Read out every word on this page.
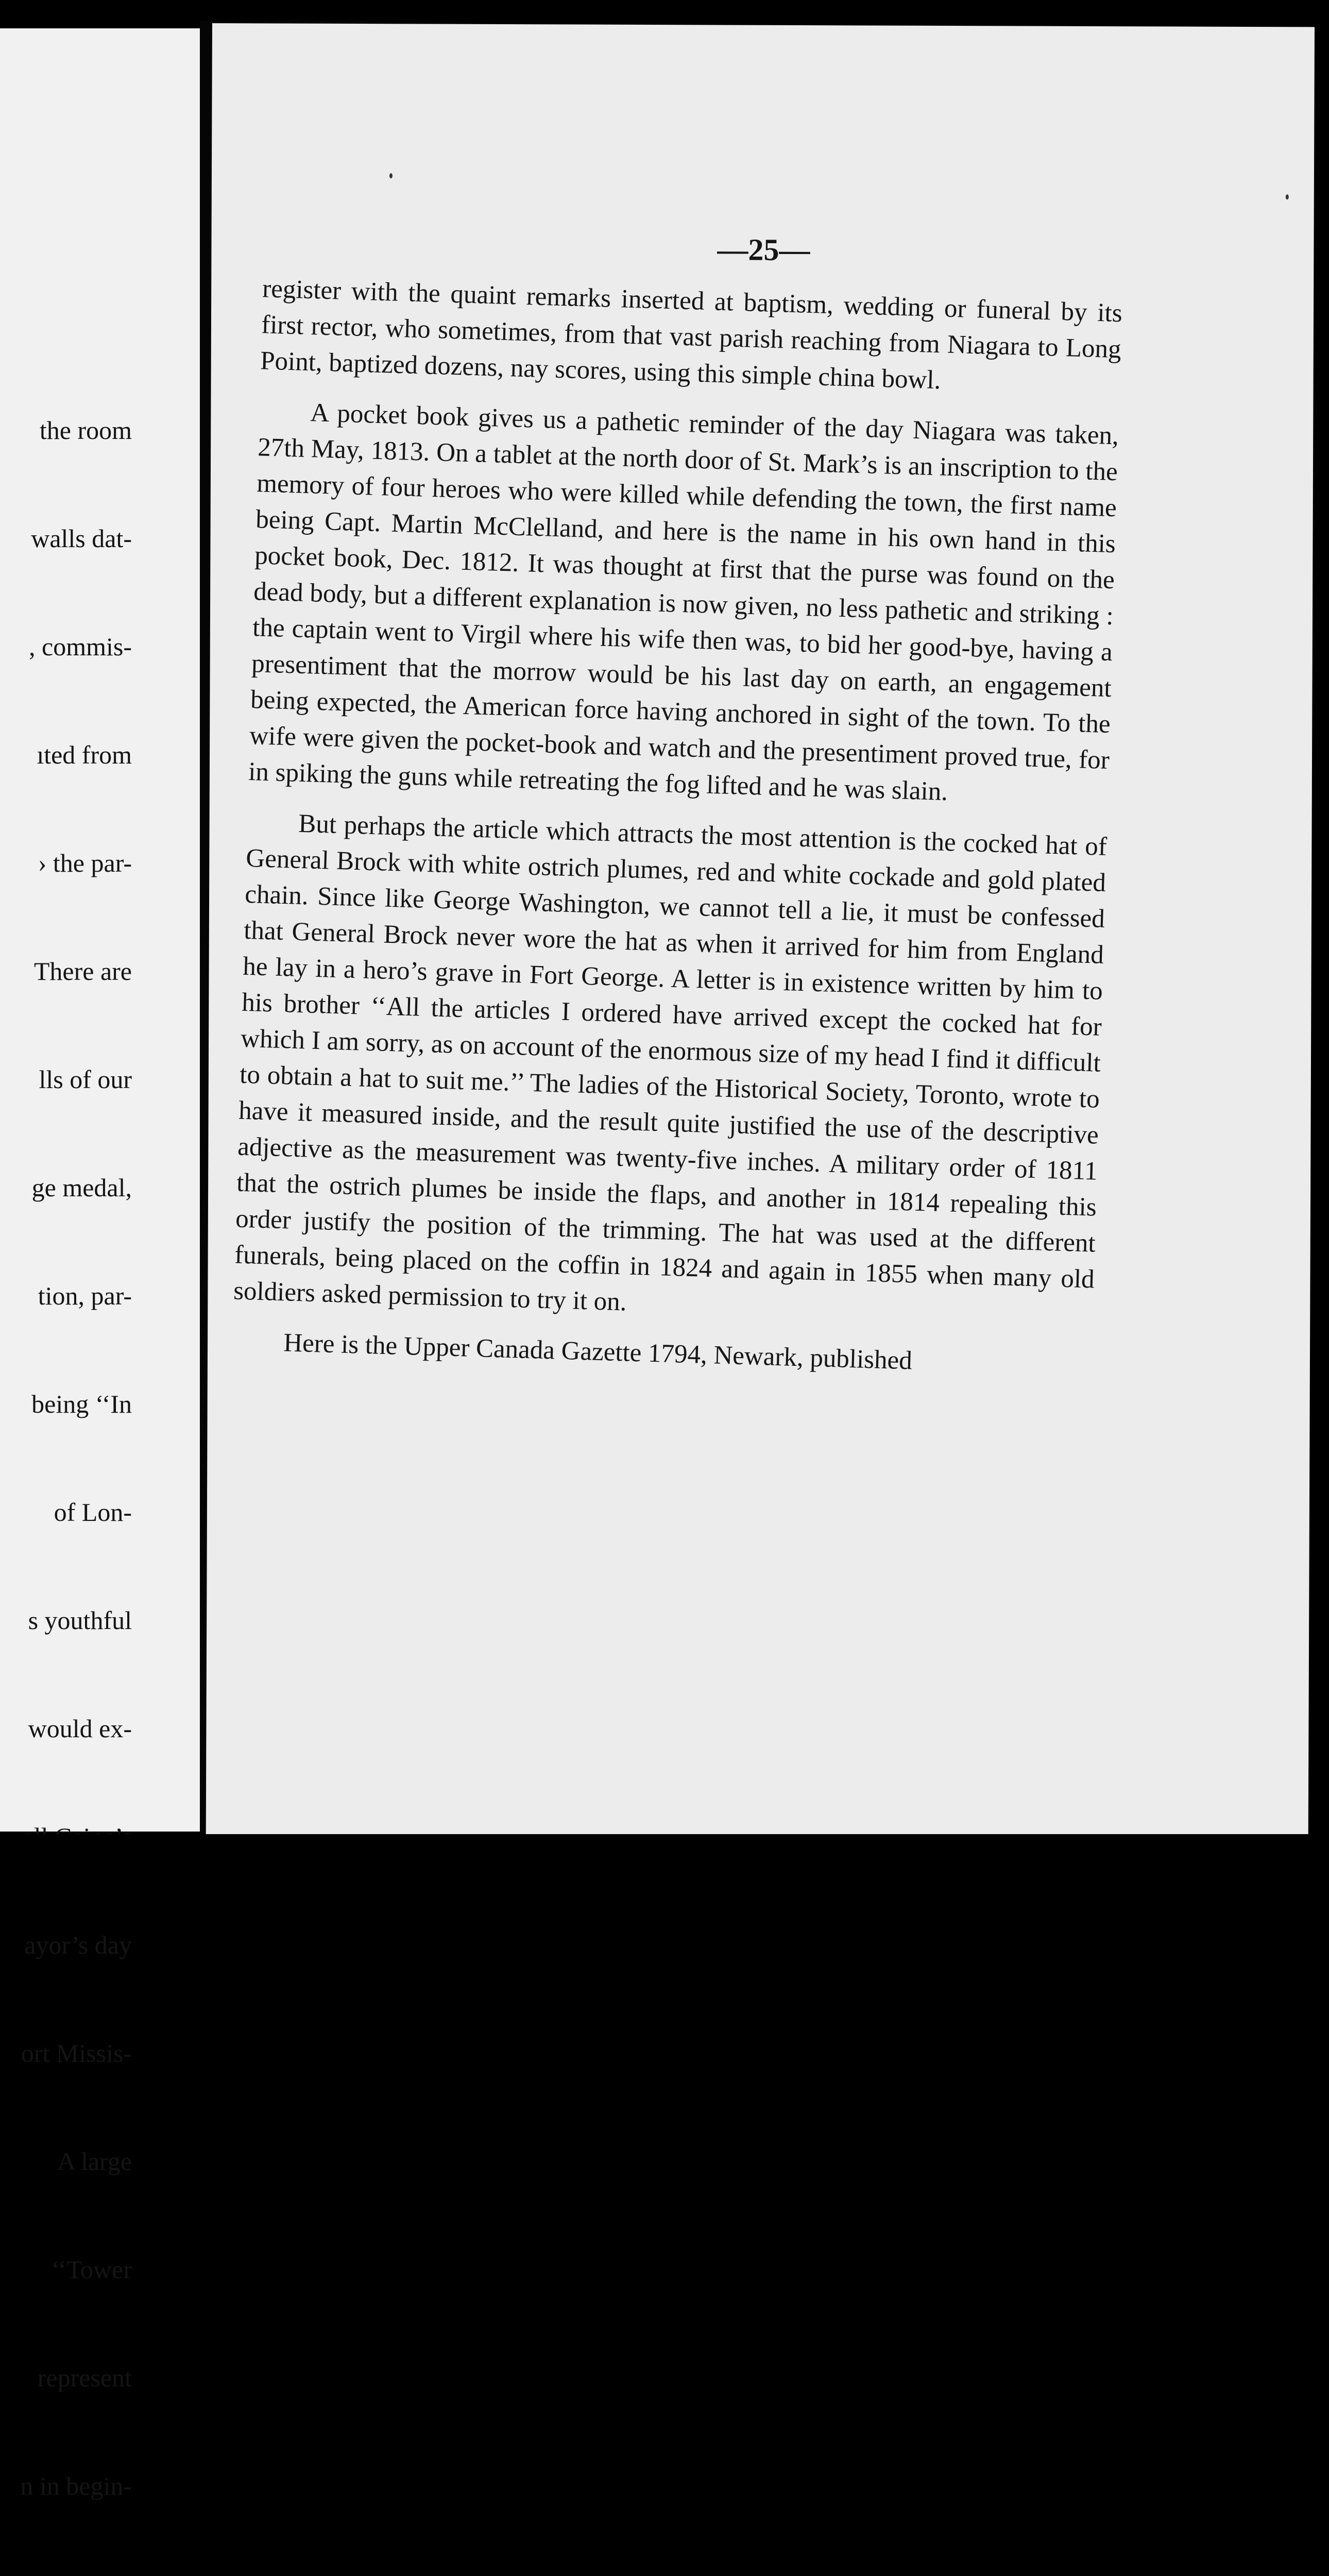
the room

walls dat-

, commis-

ıted from

› the par-

There are

lls of our

ge medal,

tion, par-

being ‘‘In

of Lon-

s youthful

would ex-

ayor’s day

ort Missis-

A large

‘‘Tower

represent

n in begin-

—25—

register with the quaint remarks inserted at baptism, wedding or funeral by its first rector, who sometimes, from that vast parish reaching from Niagara to Long Point, baptized dozens, nay scores, using this simple china bowl.

A pocket book gives us a pathetic reminder of the day Niagara was taken, 27th May, 1813. On a tablet at the north door of St. Mark’s is an inscription to the memory of four heroes who were killed while defending the town, the first name being Capt. Martin McClelland, and here is the name in his own hand in this pocket book, Dec. 1812. It was thought at first that the purse was found on the dead body, but a different explanation is now given, no less pathetic and striking : the captain went to Virgil where his wife then was, to bid her good-bye, having a presentiment that the morrow would be his last day on earth, an engagement being expected, the American force having anchored in sight of the town. To the wife were given the pocket-book and watch and the presentiment proved true, for in spiking the guns while retreating the fog lifted and he was slain.

But perhaps the article which attracts the most attention is the cocked hat of General Brock with white ostrich plumes, red and white cockade and gold plated chain. Since like George Washington, we cannot tell a lie, it must be confessed that General Brock never wore the hat as when it arrived for him from England he lay in a hero’s grave in Fort George. A letter is in existence written by him to his brother ‘‘All the articles I ordered have arrived except the cocked hat for which I am sorry, as on account of the enormous size of my head I find it difficult to obtain a hat to suit me.’’ The ladies of the Historical Society, Toronto, wrote to have it measured inside, and the result quite justified the use of the descriptive adjective as the measurement was twenty-five inches. A military order of 1811 that the ostrich plumes be inside the flaps, and another in 1814 repealing this order justify the position of the trimming. The hat was used at the different funerals, being placed on the coffin in 1824 and again in 1855 when many old soldiers asked permission to try it on.

Here is the Upper Canada Gazette 1794, Newark, published
